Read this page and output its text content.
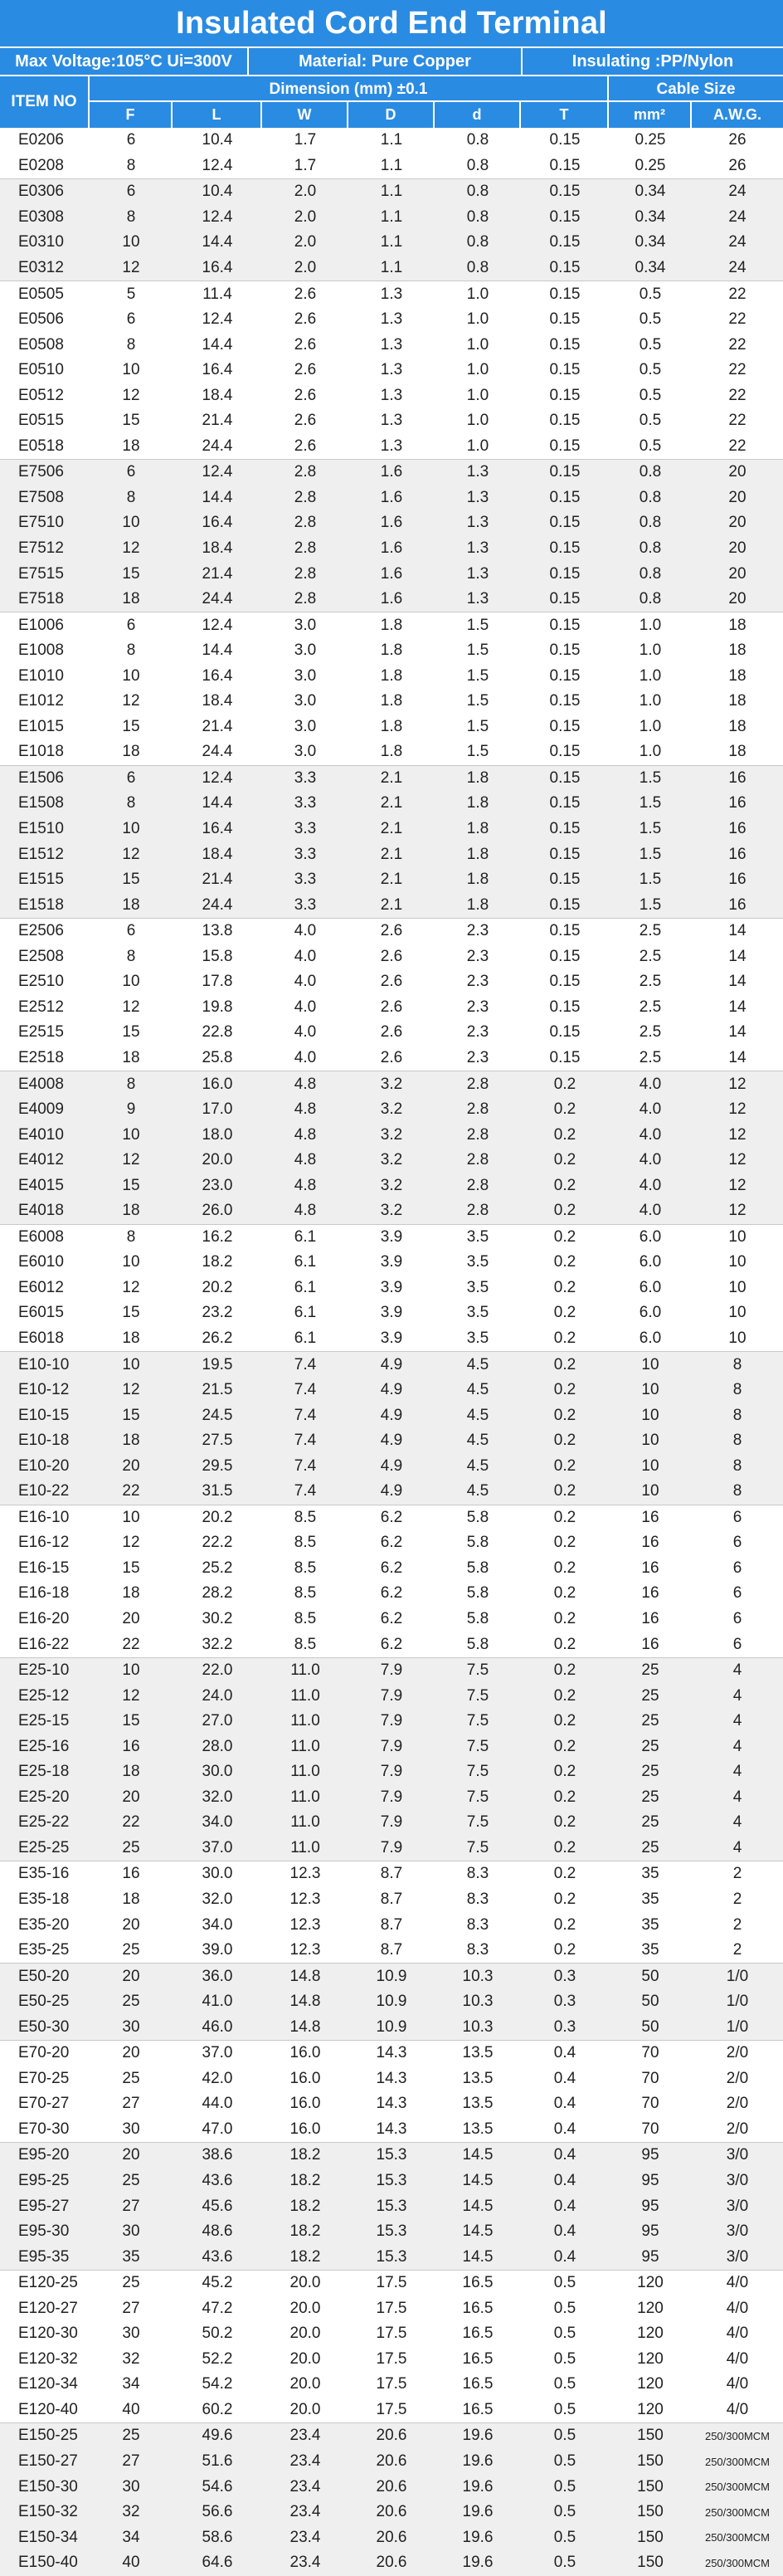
Insulated Cord End Terminal
Max Voltage:105°C Ui=300V	Material: Pure Copper	Insulating :PP/Nylon
ITEM NO
Dimension (mm) ±0.1	Cable Size
F	L	W	D	d	T	mm²	A.W.G.
E0206	6	10.4	1.7	1.1	0.8	0.15	0.25	26
E0208	8	12.4	1.7	1.1	0.8	0.15	0.25	26
E0306	6	10.4	2.0	1.1	0.8	0.15	0.34	24
E0308	8	12.4	2.0	1.1	0.8	0.15	0.34	24
E0310	10	14.4	2.0	1.1	0.8	0.15	0.34	24
E0312	12	16.4	2.0	1.1	0.8	0.15	0.34	24
E0505	5	11.4	2.6	1.3	1.0	0.15	0.5	22
E0506	6	12.4	2.6	1.3	1.0	0.15	0.5	22
E0508	8	14.4	2.6	1.3	1.0	0.15	0.5	22
E0510	10	16.4	2.6	1.3	1.0	0.15	0.5	22
E0512	12	18.4	2.6	1.3	1.0	0.15	0.5	22
E0515	15	21.4	2.6	1.3	1.0	0.15	0.5	22
E0518	18	24.4	2.6	1.3	1.0	0.15	0.5	22
E7506	6	12.4	2.8	1.6	1.3	0.15	0.8	20
E7508	8	14.4	2.8	1.6	1.3	0.15	0.8	20
E7510	10	16.4	2.8	1.6	1.3	0.15	0.8	20
E7512	12	18.4	2.8	1.6	1.3	0.15	0.8	20
E7515	15	21.4	2.8	1.6	1.3	0.15	0.8	20
E7518	18	24.4	2.8	1.6	1.3	0.15	0.8	20
E1006	6	12.4	3.0	1.8	1.5	0.15	1.0	18
E1008	8	14.4	3.0	1.8	1.5	0.15	1.0	18
E1010	10	16.4	3.0	1.8	1.5	0.15	1.0	18
E1012	12	18.4	3.0	1.8	1.5	0.15	1.0	18
E1015	15	21.4	3.0	1.8	1.5	0.15	1.0	18
E1018	18	24.4	3.0	1.8	1.5	0.15	1.0	18
E1506	6	12.4	3.3	2.1	1.8	0.15	1.5	16
E1508	8	14.4	3.3	2.1	1.8	0.15	1.5	16
E1510	10	16.4	3.3	2.1	1.8	0.15	1.5	16
E1512	12	18.4	3.3	2.1	1.8	0.15	1.5	16
E1515	15	21.4	3.3	2.1	1.8	0.15	1.5	16
E1518	18	24.4	3.3	2.1	1.8	0.15	1.5	16
E2506	6	13.8	4.0	2.6	2.3	0.15	2.5	14
E2508	8	15.8	4.0	2.6	2.3	0.15	2.5	14
E2510	10	17.8	4.0	2.6	2.3	0.15	2.5	14
E2512	12	19.8	4.0	2.6	2.3	0.15	2.5	14
E2515	15	22.8	4.0	2.6	2.3	0.15	2.5	14
E2518	18	25.8	4.0	2.6	2.3	0.15	2.5	14
E4008	8	16.0	4.8	3.2	2.8	0.2	4.0	12
E4009	9	17.0	4.8	3.2	2.8	0.2	4.0	12
E4010	10	18.0	4.8	3.2	2.8	0.2	4.0	12
E4012	12	20.0	4.8	3.2	2.8	0.2	4.0	12
E4015	15	23.0	4.8	3.2	2.8	0.2	4.0	12
E4018	18	26.0	4.8	3.2	2.8	0.2	4.0	12
E6008	8	16.2	6.1	3.9	3.5	0.2	6.0	10
E6010	10	18.2	6.1	3.9	3.5	0.2	6.0	10
E6012	12	20.2	6.1	3.9	3.5	0.2	6.0	10
E6015	15	23.2	6.1	3.9	3.5	0.2	6.0	10
E6018	18	26.2	6.1	3.9	3.5	0.2	6.0	10
E10-10	10	19.5	7.4	4.9	4.5	0.2	10	8
E10-12	12	21.5	7.4	4.9	4.5	0.2	10	8
E10-15	15	24.5	7.4	4.9	4.5	0.2	10	8
E10-18	18	27.5	7.4	4.9	4.5	0.2	10	8
E10-20	20	29.5	7.4	4.9	4.5	0.2	10	8
E10-22	22	31.5	7.4	4.9	4.5	0.2	10	8
E16-10	10	20.2	8.5	6.2	5.8	0.2	16	6
E16-12	12	22.2	8.5	6.2	5.8	0.2	16	6
E16-15	15	25.2	8.5	6.2	5.8	0.2	16	6
E16-18	18	28.2	8.5	6.2	5.8	0.2	16	6
E16-20	20	30.2	8.5	6.2	5.8	0.2	16	6
E16-22	22	32.2	8.5	6.2	5.8	0.2	16	6
E25-10	10	22.0	11.0	7.9	7.5	0.2	25	4
E25-12	12	24.0	11.0	7.9	7.5	0.2	25	4
E25-15	15	27.0	11.0	7.9	7.5	0.2	25	4
E25-16	16	28.0	11.0	7.9	7.5	0.2	25	4
E25-18	18	30.0	11.0	7.9	7.5	0.2	25	4
E25-20	20	32.0	11.0	7.9	7.5	0.2	25	4
E25-22	22	34.0	11.0	7.9	7.5	0.2	25	4
E25-25	25	37.0	11.0	7.9	7.5	0.2	25	4
E35-16	16	30.0	12.3	8.7	8.3	0.2	35	2
E35-18	18	32.0	12.3	8.7	8.3	0.2	35	2
E35-20	20	34.0	12.3	8.7	8.3	0.2	35	2
E35-25	25	39.0	12.3	8.7	8.3	0.2	35	2
E50-20	20	36.0	14.8	10.9	10.3	0.3	50	1/0
E50-25	25	41.0	14.8	10.9	10.3	0.3	50	1/0
E50-30	30	46.0	14.8	10.9	10.3	0.3	50	1/0
E70-20	20	37.0	16.0	14.3	13.5	0.4	70	2/0
E70-25	25	42.0	16.0	14.3	13.5	0.4	70	2/0
E70-27	27	44.0	16.0	14.3	13.5	0.4	70	2/0
E70-30	30	47.0	16.0	14.3	13.5	0.4	70	2/0
E95-20	20	38.6	18.2	15.3	14.5	0.4	95	3/0
E95-25	25	43.6	18.2	15.3	14.5	0.4	95	3/0
E95-27	27	45.6	18.2	15.3	14.5	0.4	95	3/0
E95-30	30	48.6	18.2	15.3	14.5	0.4	95	3/0
E95-35	35	43.6	18.2	15.3	14.5	0.4	95	3/0
E120-25	25	45.2	20.0	17.5	16.5	0.5	120	4/0
E120-27	27	47.2	20.0	17.5	16.5	0.5	120	4/0
E120-30	30	50.2	20.0	17.5	16.5	0.5	120	4/0
E120-32	32	52.2	20.0	17.5	16.5	0.5	120	4/0
E120-34	34	54.2	20.0	17.5	16.5	0.5	120	4/0
E120-40	40	60.2	20.0	17.5	16.5	0.5	120	4/0
E150-25	25	49.6	23.4	20.6	19.6	0.5	150	250/300MCM
E150-27	27	51.6	23.4	20.6	19.6	0.5	150	250/300MCM
E150-30	30	54.6	23.4	20.6	19.6	0.5	150	250/300MCM
E150-32	32	56.6	23.4	20.6	19.6	0.5	150	250/300MCM
E150-34	34	58.6	23.4	20.6	19.6	0.5	150	250/300MCM
E150-40	40	64.6	23.4	20.6	19.6	0.5	150	250/300MCM
